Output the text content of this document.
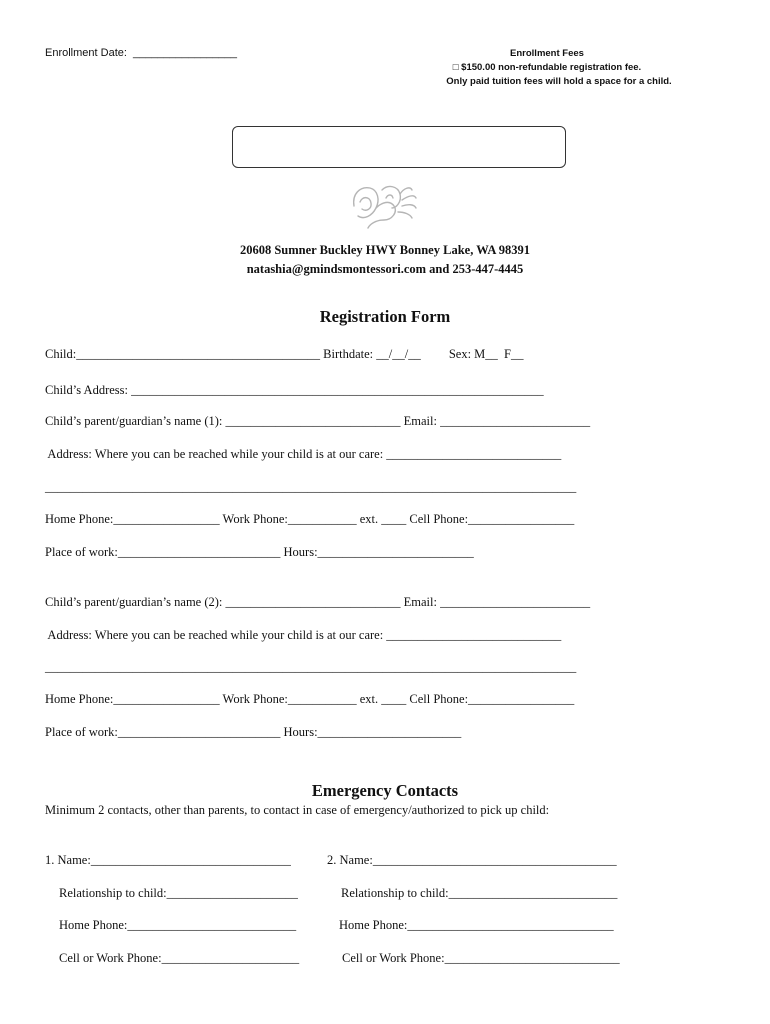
Enrollment Date:  _________________	Enrollment Fees
□ $150.00 non-refundable registration fee.
Only paid tuition fees will hold a space for a child.
20608 Sumner Buckley HWY Bonney Lake, WA 98391
natashia@gmindsmontessori.com and 253-447-4445
Registration Form
Child:_______________________________________ Birthdate: __/__/__         Sex: M__  F__
Child’s Address: __________________________________________________________________
Child’s parent/guardian’s name (1): ____________________________ Email: ________________________
Address: Where you can be reached while your child is at our care: ____________________________
_____________________________________________________________________________________
Home Phone:_________________ Work Phone:___________ ext. ____ Cell Phone:_________________
Place of work:__________________________ Hours:_________________________
Child’s parent/guardian’s name (2): ____________________________ Email: ________________________
Address: Where you can be reached while your child is at our care: ____________________________
_____________________________________________________________________________________
Home Phone:_________________ Work Phone:___________ ext. ____ Cell Phone:_________________
Place of work:__________________________ Hours:_______________________
Emergency Contacts
Minimum 2 contacts, other than parents, to contact in case of emergency/authorized to pick up child:
1. Name:________________________________
Relationship to child:_____________________
Home Phone:___________________________
Cell or Work Phone:______________________
2. Name:_______________________________________
Relationship to child:___________________________
Home Phone:_________________________________
Cell or Work Phone:____________________________
